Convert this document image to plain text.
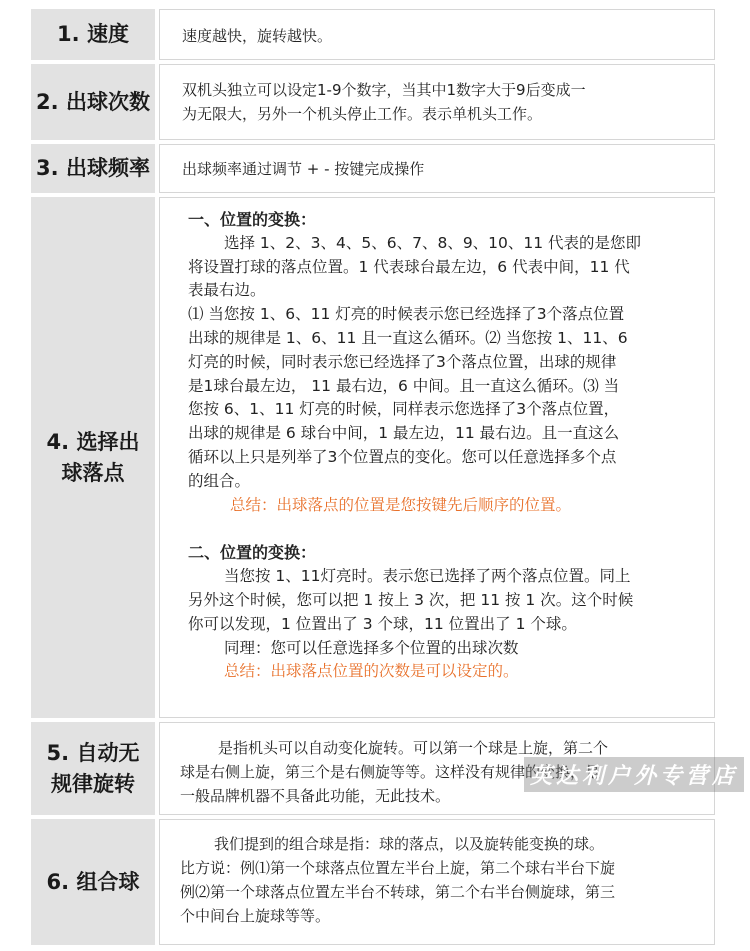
1. 速度	速度越快，旋转越快。

2. 出球次数 双机头独立可以设定1-9个数字，当其中1数字大于9后变成一

为无限大，另外一个机头停止工作。表示单机头工作。

3. 出球频率 出球频率通过调节 + - 按键完成操作

4. 选择出
球落点

一、位置的变换：

选择 1、2、3、4、5、6、7、8、9、10、11 代表的是您即

将设置打球的落点位置。1 代表球台最左边，6 代表中间，11 代

表最右边。

⑴ 当您按 1、6、11 灯亮的时候表示您已经选择了3个落点位置

出球的规律是 1、6、11 且一直这么循环。⑵ 当您按 1、11、6

灯亮的时候，同时表示您已经选择了3个落点位置，出球的规律

是1球台最左边， 11 最右边，6 中间。且一直这么循环。⑶ 当

您按 6、1、11 灯亮的时候，同样表示您选择了3个落点位置，

出球的规律是 6 球台中间，1 最左边，11 最右边。且一直这么

循环以上只是列举了3个位置点的变化。您可以任意选择多个点

的组合。

总结：出球落点的位置是您按键先后顺序的位置。

二、位置的变换：

当您按 1、11灯亮时。表示您已选择了两个落点位置。同上

另外这个时候，您可以把 1 按上 3 次，把 11 按 1 次。这个时候

你可以发现，1 位置出了 3 个球，11 位置出了 1 个球。

同理：您可以任意选择多个位置的出球次数

总结：出球落点位置的次数是可以设定的。

5. 自动无
规律旋转

是指机头可以自动变化旋转。可以第一个球是上旋，第二个

球是右侧上旋，第三个是右侧旋等等。这样没有规律的变换，是

一般品牌机器不具备此功能，无此技术。

6. 组合球

我们提到的组合球是指：球的落点，以及旋转能变换的球。

比方说：例⑴第一个球落点位置左半台上旋，第二个球右半台下旋

例⑵第一个球落点位置左半台不转球，第二个右半台侧旋球，第三

个中间台上旋球等等。

英达利户外专营店
